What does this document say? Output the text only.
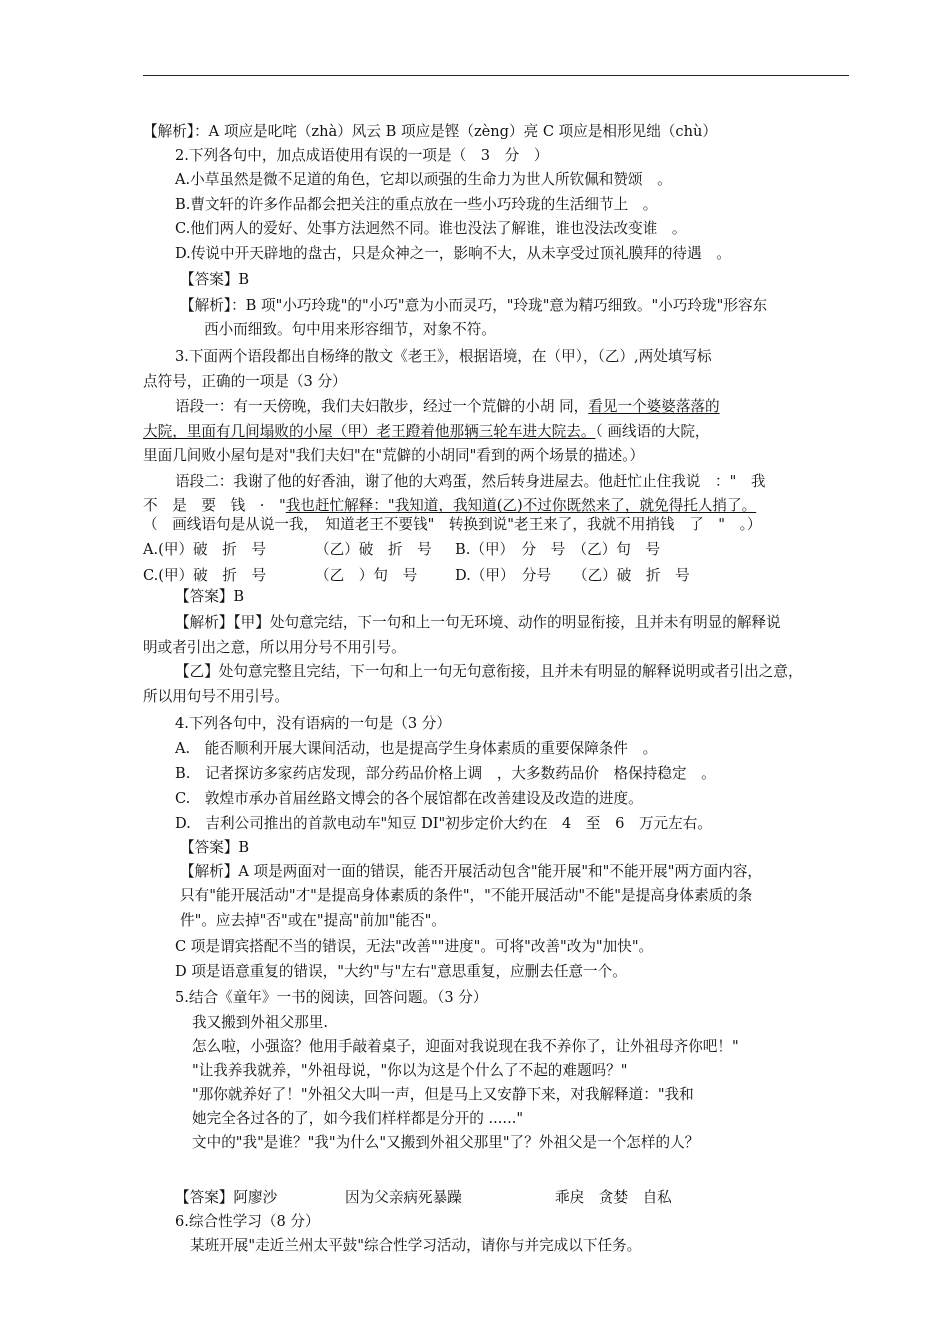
【解析】：A 项应是叱咤（zhà）风云 B 项应是铿（zèng）亮 C 项应是相形见绌（chù）
2.下列各句中，加点成语使用有误的一项是（　3　分　）
A.小草虽然是微不足道的角色，它却以顽强的生命力为世人所钦佩和赞颂　。
B.曹文轩的许多作品都会把关注的重点放在一些小巧玲珑的生活细节上　。
C.他们两人的爱好、处事方法迥然不同。谁也没法了解谁，谁也没法改变谁　。
D.传说中开天辟地的盘古，只是众神之一，影响不大，从未享受过顶礼膜拜的待遇　。
【答案】B
【解析】：B 项"小巧玲珑"的"小巧"意为小而灵巧，"玲珑"意为精巧细致。"小巧玲珑"形容东
西小而细致。句中用来形容细节，对象不符。
3.下面两个语段都出自杨绛的散文《老王》，根据语境，在（甲），（乙）,两处填写标
点符号，正确的一项是（3 分）
语段一：有一天傍晚，我们夫妇散步，经过一个荒僻的小胡 同，看见一个婆婆落落的
大院，里面有几间塌败的小屋（甲）老王蹬着他那辆三轮车进大院去。（ 画线语的大院，
里面几间败小屋句是对"我们夫妇"在"荒僻的小胡同"看到的两个场景的描述。）
语段二：我谢了他的好香油，谢了他的大鸡蛋，然后转身进屋去。他赶忙止住我说　："　我
不　是　要　钱　·　"我也赶忙解释："我知道，我知道(乙)不过你既然来了，就免得托人捎了。
（　画线语句是从说一我，　知道老王不要钱"　转换到说"老王来了，我就不用捎钱　了　"　。）
A.(甲）破　折　号	（乙）破　折　号 B.（甲）　分　号　（乙）句　号
C.(甲）破　折　号	（乙　）句　号	D.（甲）　分号　　（乙）破　折　号
【答案】B
【解析】【甲】处句意完结，下一句和上一句无环境、动作的明显衔接，且并未有明显的解释说
明或者引出之意，所以用分号不用引号。
【乙】处句意完整且完结，下一句和上一句无句意衔接，且并未有明显的解释说明或者引出之意，
所以用句号不用引号。
4.下列各句中，没有语病的一句是（3 分）
A.　能否顺利开展大课间活动，也是提高学生身体素质的重要保障条件　。
B.　记者探访多家药店发现，部分药品价格上调　，大多数药品价　格保持稳定　。
C.　敦煌市承办首届丝路文博会的各个展馆都在改善建设及改造的进度。
D.　吉利公司推出的首款电动车"知豆 DI"初步定价大约在　4　至　6　万元左右。
【答案】B
【解析】A 项是两面对一面的错误，能否开展活动包含"能开展"和"不能开展"两方面内容，
只有"能开展活动"才"是提高身体素质的条件"，"不能开展活动"不能"是提高身体素质的条
件"。应去掉"否"或在"提高"前加"能否"。
C 项是谓宾搭配不当的错误，无法"改善""进度"。可将"改善"改为"加快"。
D 项是语意重复的错误，"大约"与"左右"意思重复，应删去任意一个。
5.结合《童年》一书的阅读，回答问题。（3 分）
我又搬到外祖父那里.
怎么啦，小强盗？他用手敲着桌子，迎面对我说现在我不养你了，让外祖母齐你吧！"
"让我养我就养，"外祖母说，"你以为这是个什么了不起的难题吗？"
"那你就养好了！"外祖父大叫一声，但是马上又安静下来，对我解释道："我和
她完全各过各的了，如今我们样样都是分开的 ......"
文中的"我"是谁？"我"为什么"又搬到外祖父那里"了？外祖父是一个怎样的人？
【答案】阿廖沙	因为父亲病死暴躁	乖戾　贪婪　自私
6.综合性学习（8 分）
某班开展"走近兰州太平鼓"综合性学习活动，请你与并完成以下任务。
